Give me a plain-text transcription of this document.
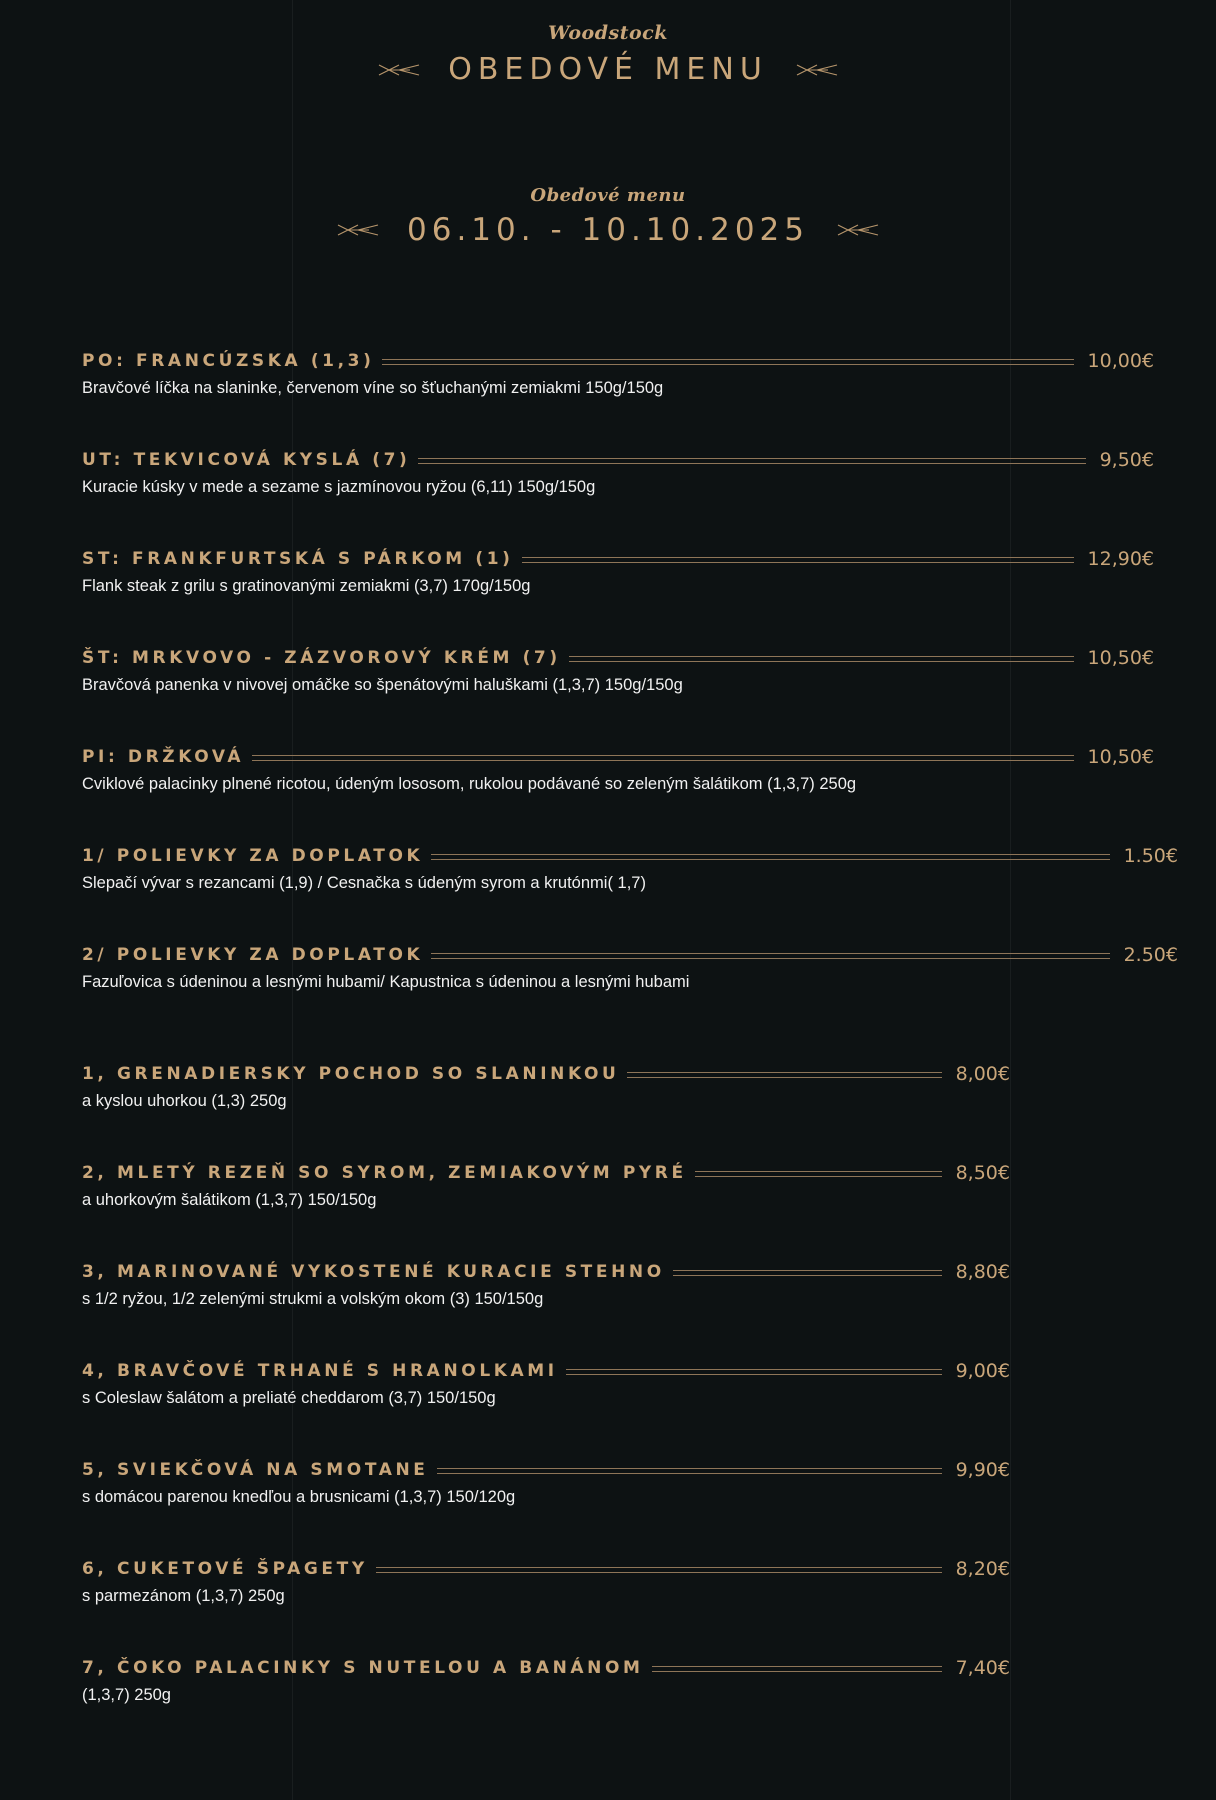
Woodstock
OBEDOVÉ MENU
Obedové menu
06.10. - 10.10.2025
PO: FRANCÚZSKA (1,3)	10,00€
Bravčové líčka na slaninke, červenom víne so šťuchanými zemiakmi 150g/150g
UT: TEKVICOVÁ KYSLÁ (7)	9,50€
Kuracie kúsky v mede a sezame s jazmínovou ryžou (6,11) 150g/150g
ST: FRANKFURTSKÁ S PÁRKOM (1)	12,90€
Flank steak z grilu s gratinovanými zemiakmi (3,7) 170g/150g
ŠT: MRKVOVO - ZÁZVOROVÝ KRÉM (7)	10,50€
Bravčová panenka v nivovej omáčke so špenátovými haluškami (1,3,7) 150g/150g
PI: DRŽKOVÁ	10,50€
Cviklové palacinky plnené ricotou, údeným lososom, rukolou podávané so zeleným šalátikom (1,3,7) 250g
1/ POLIEVKY ZA DOPLATOK	1.50€
Slepačí vývar s rezancami (1,9) / Cesnačka s údeným syrom a krutónmi( 1,7)
2/ POLIEVKY ZA DOPLATOK	2.50€
Fazuľovica s údeninou a lesnými hubami/ Kapustnica s údeninou a lesnými hubami
1, GRENADIERSKY POCHOD SO SLANINKOU	8,00€
a kyslou uhorkou (1,3) 250g
2, MLETÝ REZEŇ SO SYROM, ZEMIAKOVÝM PYRÉ	8,50€
a uhorkovým šalátikom (1,3,7) 150/150g
3, MARINOVANÉ VYKOSTENÉ KURACIE STEHNO	8,80€
s 1/2 ryžou, 1/2 zelenými strukmi a volským okom (3) 150/150g
4, BRAVČOVÉ TRHANÉ S HRANOLKAMI	9,00€
s Coleslaw šalátom a preliaté cheddarom (3,7) 150/150g
5, SVIEKČOVÁ NA SMOTANE	9,90€
s domácou parenou knedľou a brusnicami (1,3,7) 150/120g
6, CUKETOVÉ ŠPAGETY	8,20€
s parmezánom (1,3,7) 250g
7, ČOKO PALACINKY S NUTELOU A BANÁNOM	7,40€
(1,3,7) 250g
